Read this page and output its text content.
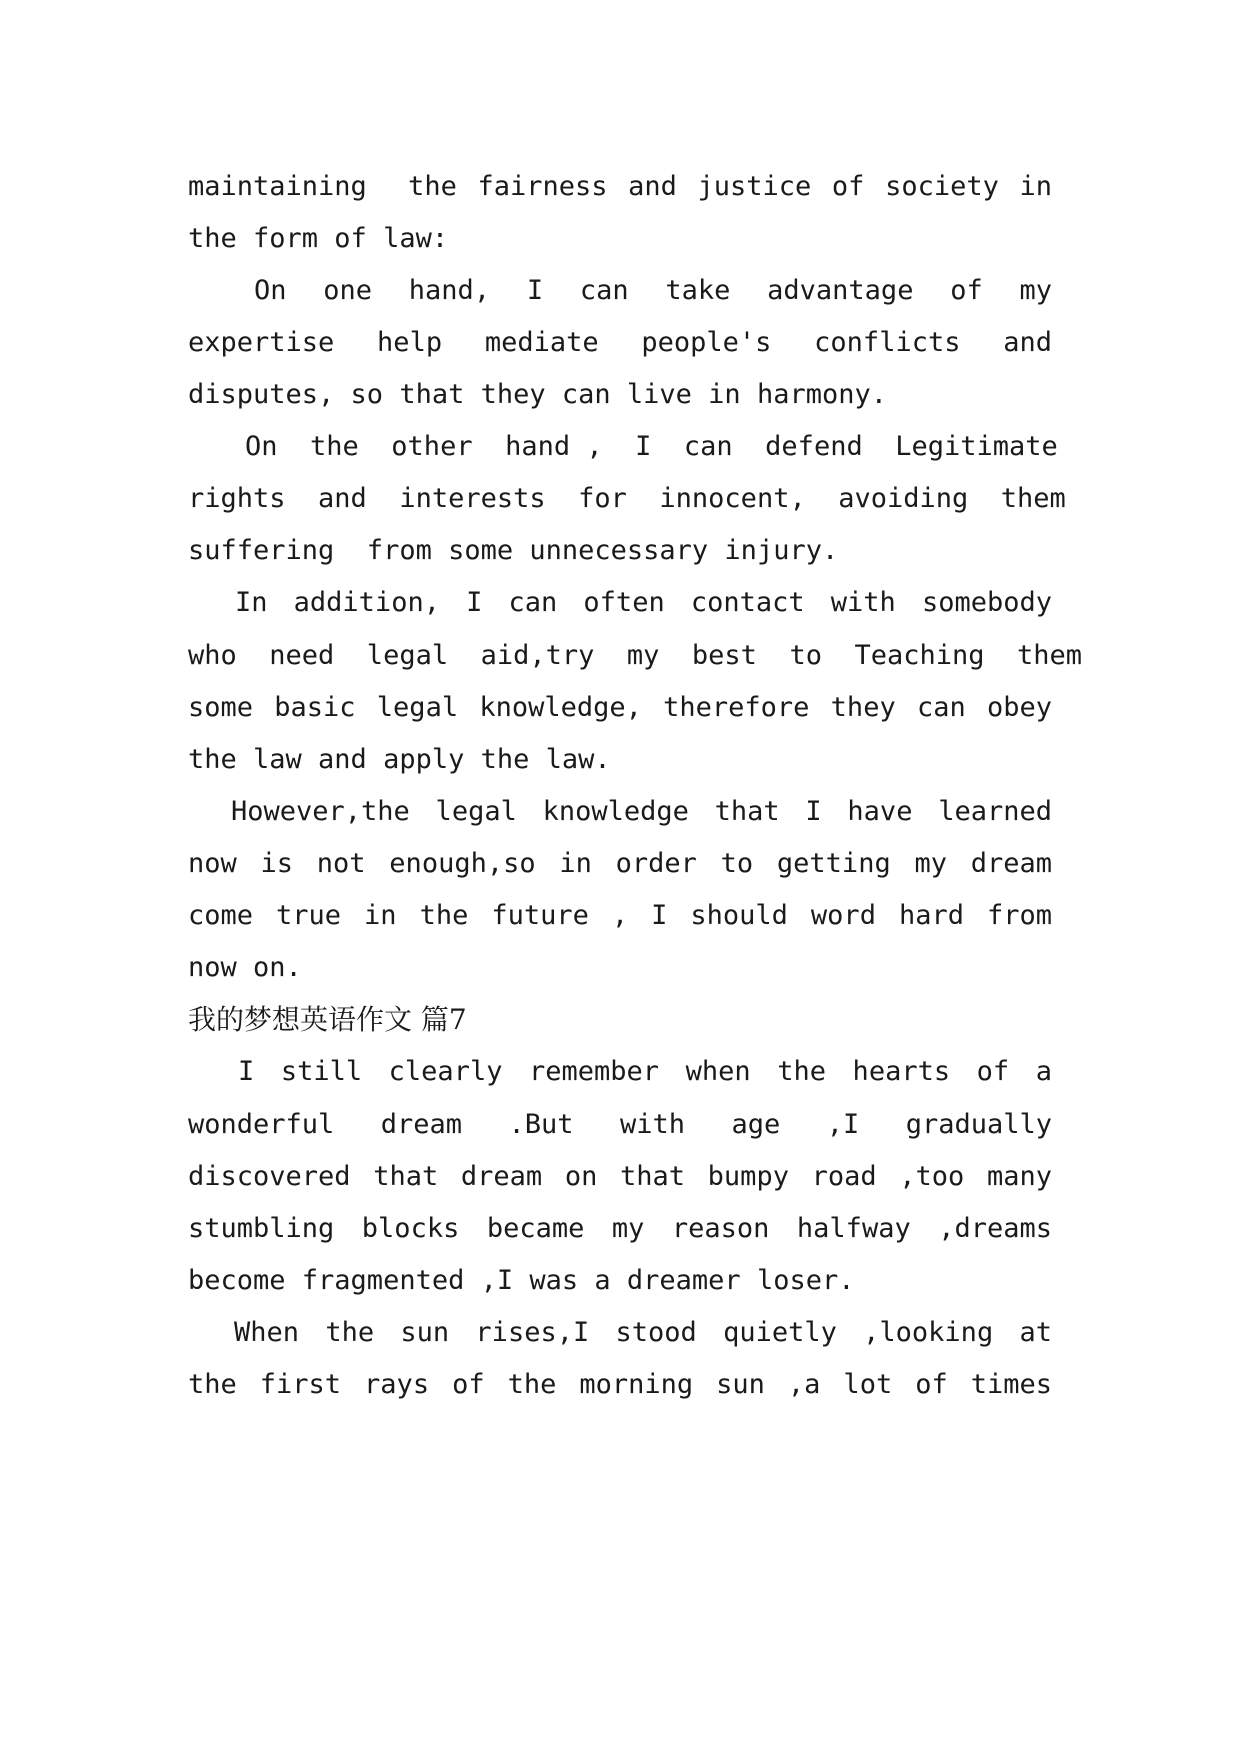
maintaining  the fairness and justice of society in

the form of law:

On  one  hand,  I  can  take  advantage  of  my

expertise  help  mediate  people's  conflicts  and

disputes, so that they can live in harmony.

On  the  other  hand ,  I  can  defend  Legitimate

rights  and  interests  for  innocent,  avoiding  them

suffering  from some unnecessary injury.

In addition, I can often contact with somebody

who  need  legal  aid,try  my  best  to  Teaching  them

some basic legal knowledge, therefore they can obey

the law and apply the law.

However,the legal knowledge that I have learned

now is not enough,so in order to getting my dream

come true in the future , I should word hard from

now on.

我的梦想英语作文 篇7

I still clearly remember when the hearts of a

wonderful  dream  .But  with  age  ,I  gradually

discovered that dream on that bumpy road ,too many

stumbling blocks became my reason halfway ,dreams

become fragmented ,I was a dreamer loser.

When the sun rises,I stood quietly ,looking at

the first rays of the morning sun ,a lot of times
